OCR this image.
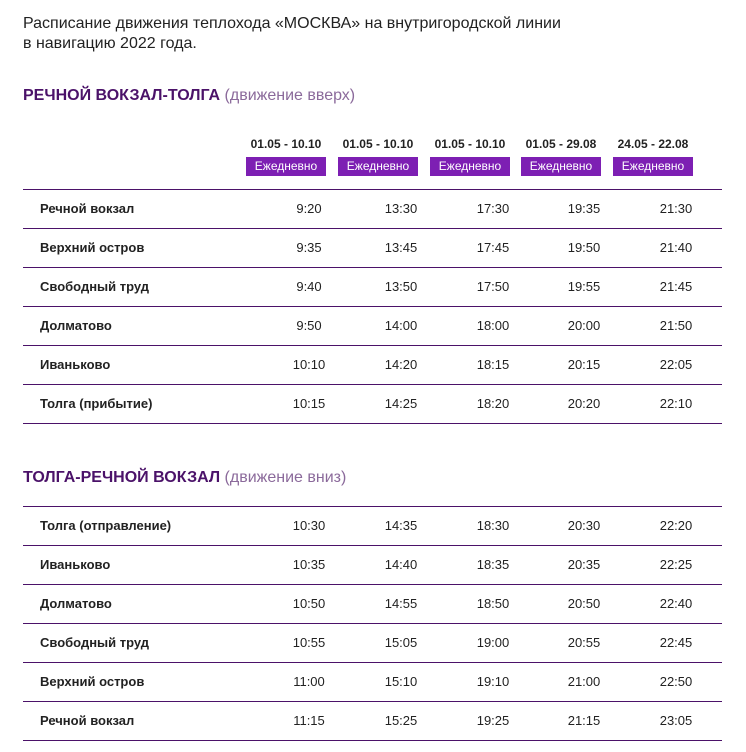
Расписание движения теплохода «МОСКВА» на внутригородской линии
в навигацию 2022 года.
РЕЧНОЙ ВОКЗАЛ-ТОЛГА (движение вверх)
01.05 - 10.10
Ежедневно
01.05 - 10.10
Ежедневно
01.05 - 10.10
Ежедневно
01.05 - 29.08
Ежедневно
24.05 - 22.08
Ежедневно
Речной вокзал	9:20	13:30	17:30	19:35	21:30
Верхний остров	9:35	13:45	17:45	19:50	21:40
Свободный труд	9:40	13:50	17:50	19:55	21:45
Долматово	9:50	14:00	18:00	20:00	21:50
Иваньково	10:10	14:20	18:15	20:15	22:05
Толга (прибытие)	10:15	14:25	18:20	20:20	22:10
ТОЛГА-РЕЧНОЙ ВОКЗАЛ (движение вниз)
Толга (отправление)	10:30	14:35	18:30	20:30	22:20
Иваньково	10:35	14:40	18:35	20:35	22:25
Долматово	10:50	14:55	18:50	20:50	22:40
Свободный труд	10:55	15:05	19:00	20:55	22:45
Верхний остров	11:00	15:10	19:10	21:00	22:50
Речной вокзал	11:15	15:25	19:25	21:15	23:05
